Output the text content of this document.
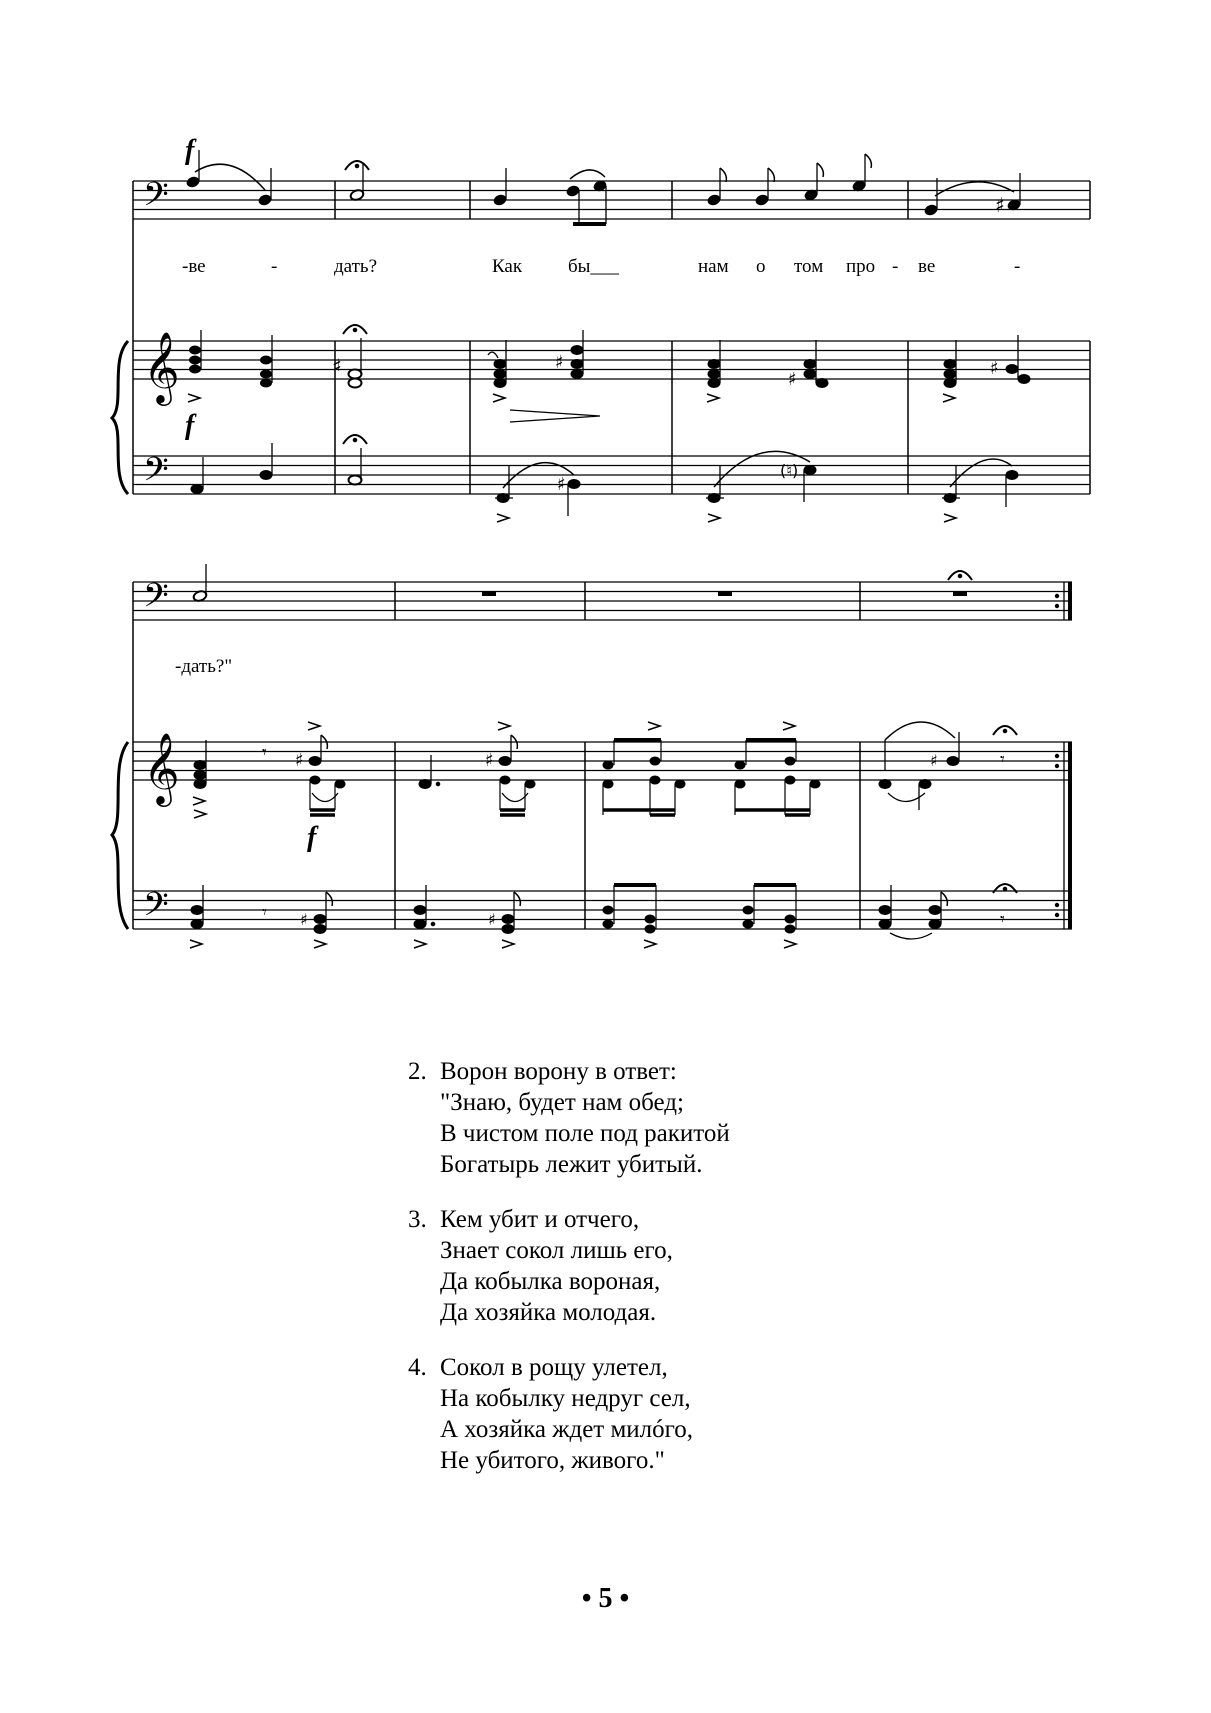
𝄢
𝄞
𝄢
♯
♯	♯
♯
♯
♯
(♮)
𝄢
𝄞
𝄢
𝄾 ♯	♯	♯	𝄾
𝄾 ♯	♯	𝄾
f
f
f
-ве	-	дать?	Как бы___	нам о том про - ве	-
-дать?"
2. Ворон ворону в ответ:
"Знаю, будет нам обед;
В чистом поле под ракитой
Богатырь лежит убитый.
3. Кем убит и отчего,
Знает сокол лишь его,
Да кобылка вороная,
Да хозяйка молодая.
4. Сокол в рощу улетел,
На кобылку недруг сел,
А хозяйка ждет милóго,
Не убитого, живого."
• 5 •
